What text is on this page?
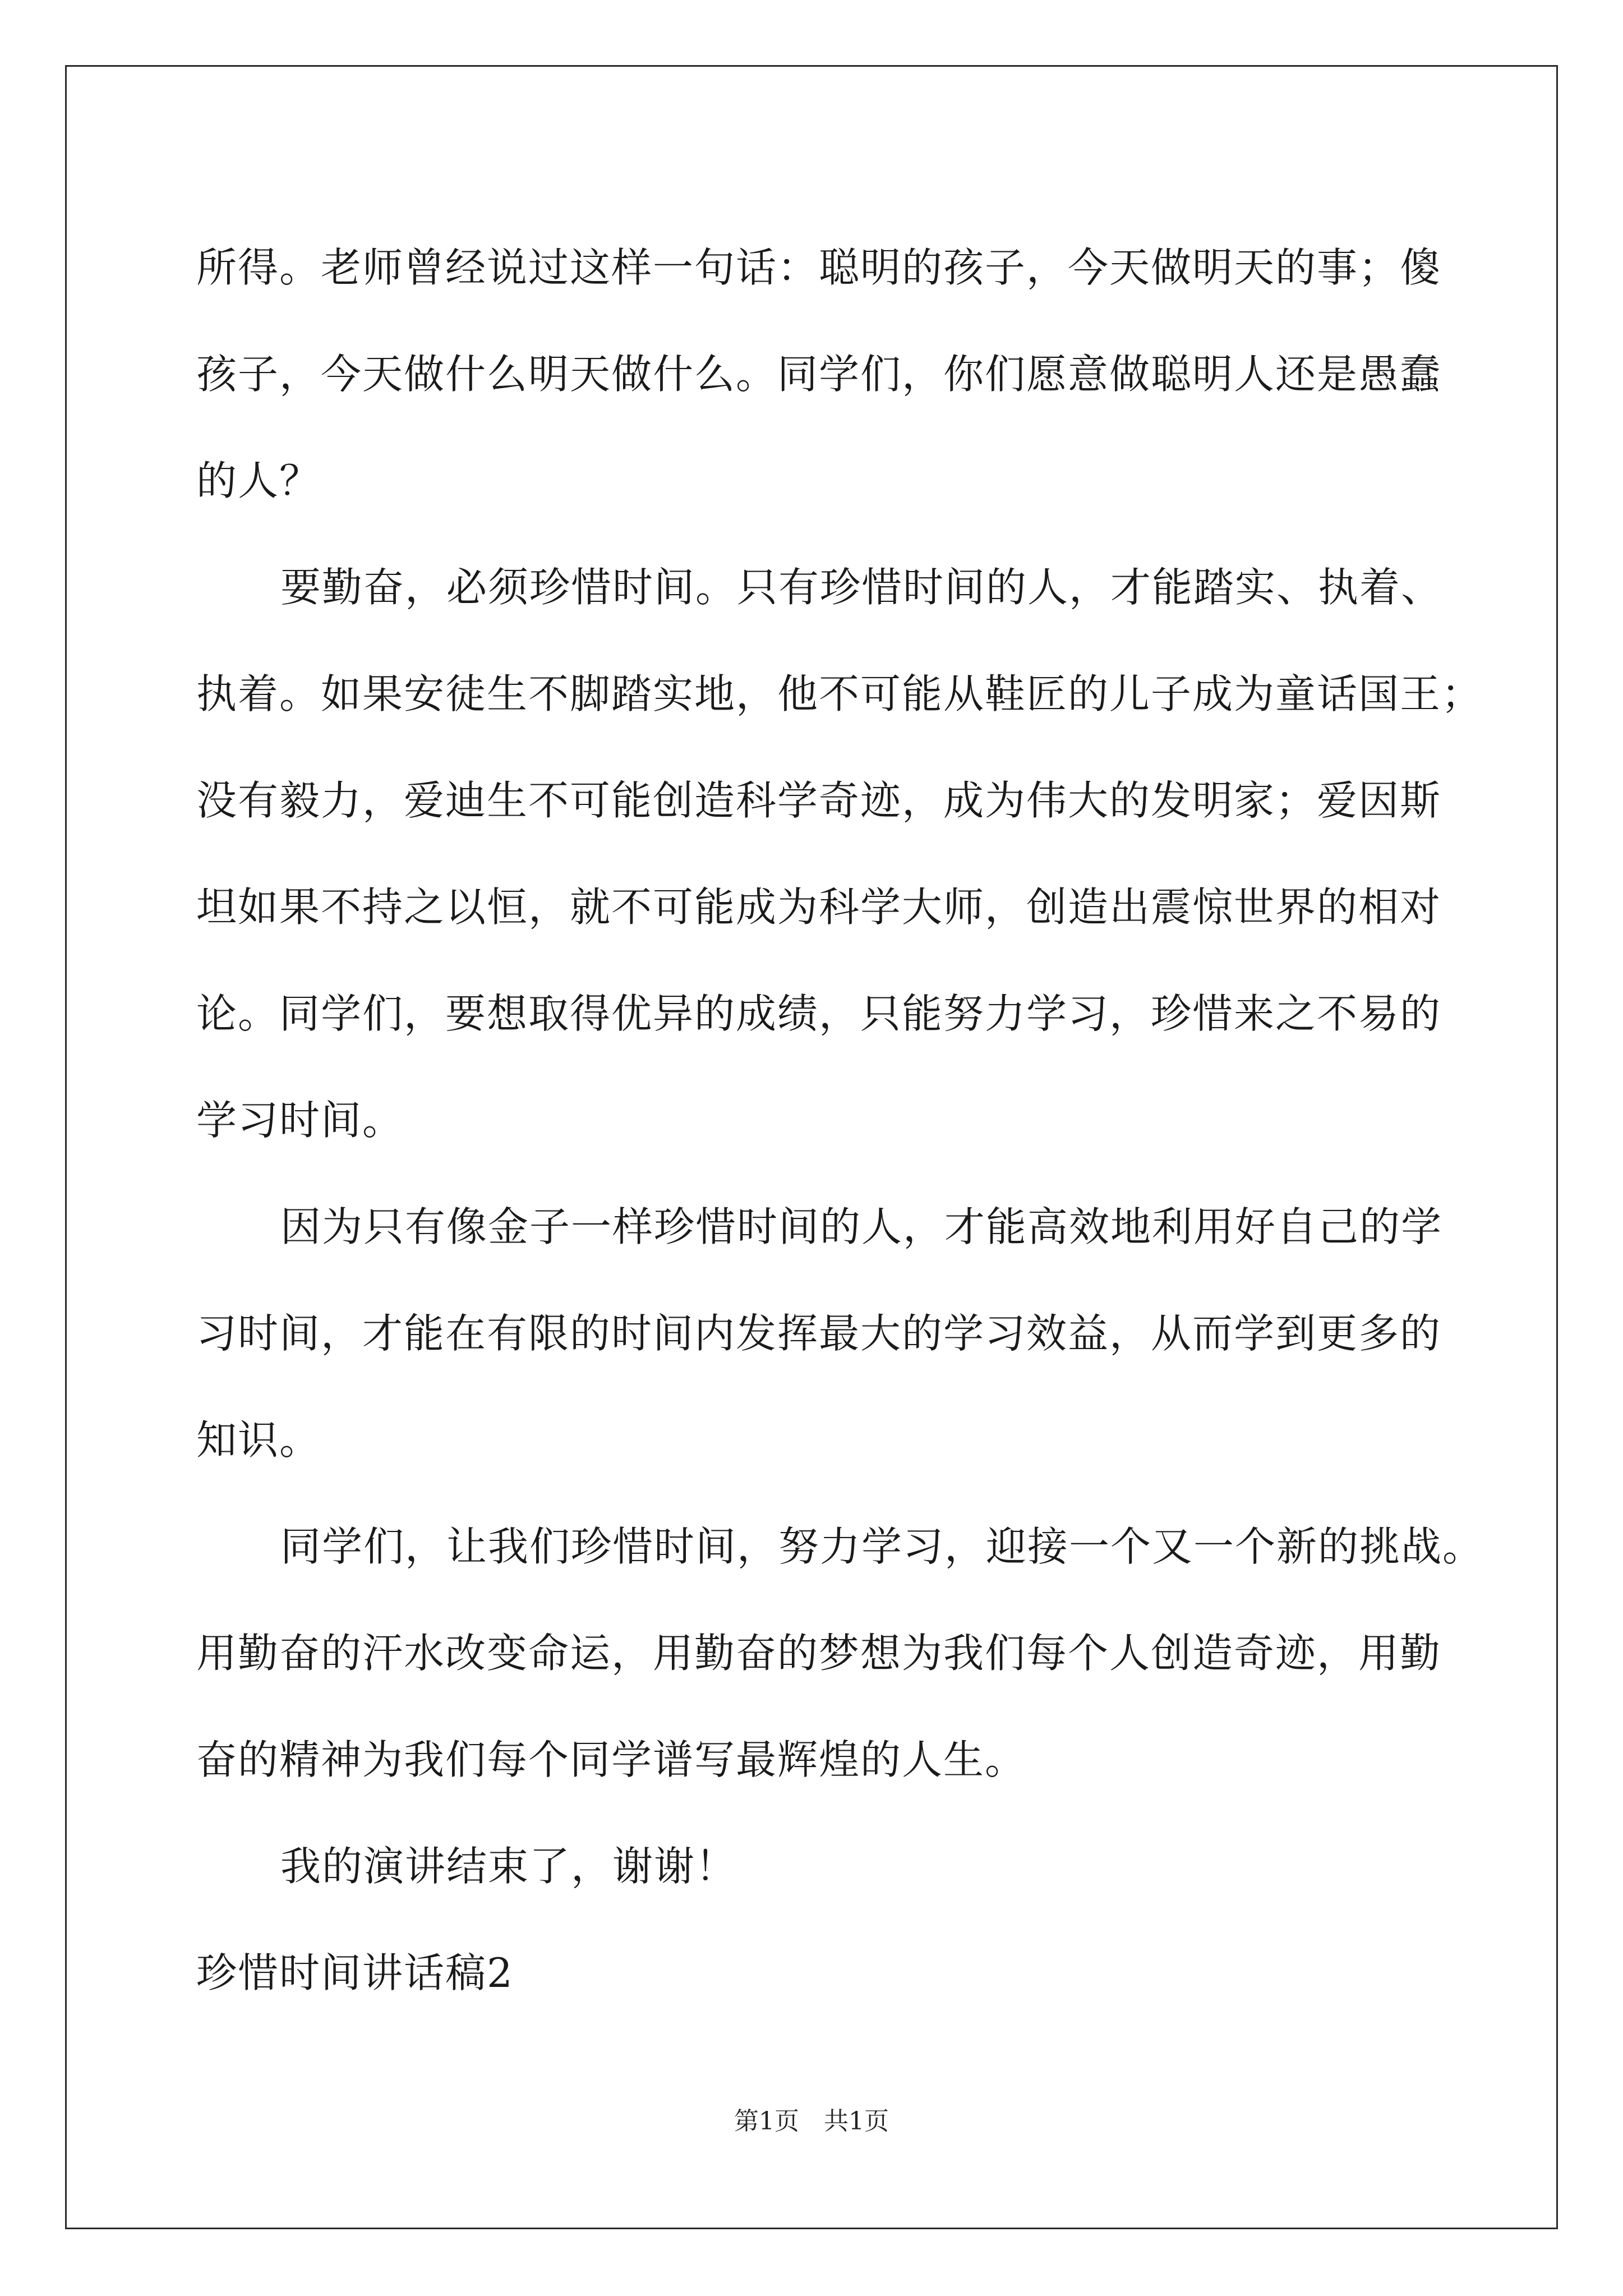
所得。老师曾经说过这样一句话：聪明的孩子，今天做明天的事；傻
孩子，今天做什么明天做什么。同学们，你们愿意做聪明人还是愚蠢
的人？

要勤奋，必须珍惜时间。只有珍惜时间的人，才能踏实、执着、
执着。如果安徒生不脚踏实地，他不可能从鞋匠的儿子成为童话国王；
没有毅力，爱迪生不可能创造科学奇迹，成为伟大的发明家；爱因斯
坦如果不持之以恒，就不可能成为科学大师，创造出震惊世界的相对
论。同学们，要想取得优异的成绩，只能努力学习，珍惜来之不易的
学习时间。

因为只有像金子一样珍惜时间的人，才能高效地利用好自己的学
习时间，才能在有限的时间内发挥最大的学习效益，从而学到更多的
知识。

同学们，让我们珍惜时间，努力学习，迎接一个又一个新的挑战。
用勤奋的汗水改变命运，用勤奋的梦想为我们每个人创造奇迹，用勤
奋的精神为我们每个同学谱写最辉煌的人生。

我的演讲结束了，谢谢！

珍惜时间讲话稿2

第1页　共1页
